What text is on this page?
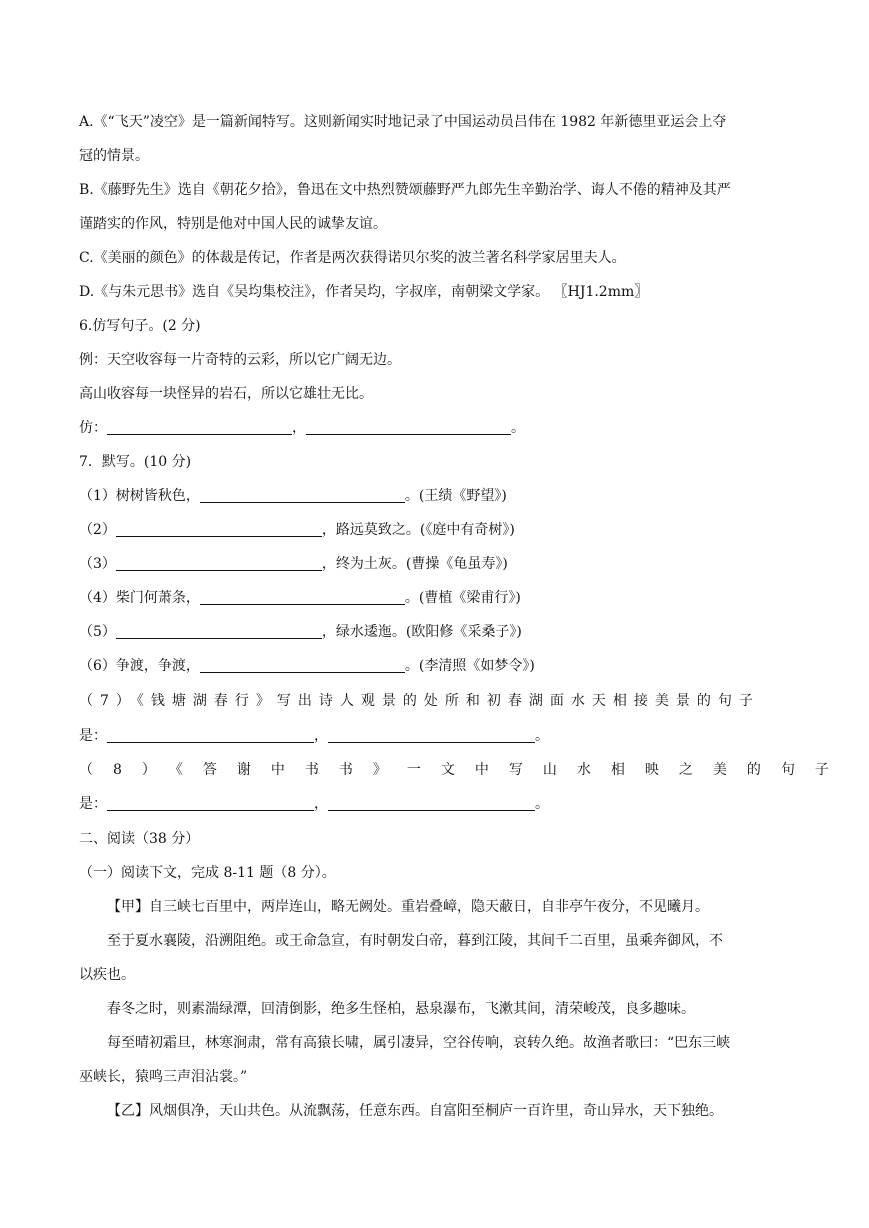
A.《“飞天”凌空》是一篇新闻特写。这则新闻实时地记录了中国运动员吕伟在 1982 年新德里亚运会上夺
冠的情景。
B.《藤野先生》选自《朝花夕拾》，鲁迅在文中热烈赞颂藤野严九郎先生辛勤治学、诲人不倦的精神及其严
谨踏实的作风，特别是他对中国人民的诚挚友谊。
C.《美丽的颜色》的体裁是传记，作者是两次获得诺贝尔奖的波兰著名科学家居里夫人。
D.《与朱元思书》选自《吴均集校注》，作者吴均，字叔庠，南朝梁文学家。 〖HJ1.2mm〗
6.仿写句子。(2 分)
例：天空收容每一片奇特的云彩，所以它广阔无边。
高山收容每一块怪异的岩石，所以它雄壮无比。
仿：	，	。
7．默写。(10 分)
（1）树树皆秋色，	。(王绩《野望》)
（2）	，路远莫致之。(《庭中有奇树》)
（3）	，终为土灰。(曹操《龟虽寿》)
（4）柴门何萧条，	。(曹植《梁甫行》)
（5）	，绿水逶迤。(欧阳修《采桑子》)
（6）争渡，争渡，	。(李清照《如梦令》)
（7）《钱塘湖春行》写出诗人观景的处所和初春湖面水天相接美景的句子
是：	，	。
（8）《答谢中书书》一文中写山水相映之美的句子
是：	，	。
二、阅读（38 分）
（一）阅读下文，完成 8-11 题（8 分）。
【甲】自三峡七百里中，两岸连山，略无阙处。重岩叠嶂，隐天蔽日，自非亭午夜分，不见曦月。
至于夏水襄陵，沿溯阻绝。或王命急宣，有时朝发白帝，暮到江陵，其间千二百里，虽乘奔御风，不
以疾也。
春冬之时，则素湍绿潭，回清倒影，绝多生怪柏，悬泉瀑布，飞漱其间，清荣峻茂，良多趣味。
每至晴初霜旦，林寒涧肃，常有高猿长啸，属引凄异，空谷传响，哀转久绝。故渔者歌曰：“巴东三峡
巫峡长，猿鸣三声泪沾裳。”
【乙】风烟俱净，天山共色。从流飘荡，任意东西。自富阳至桐庐一百许里，奇山异水，天下独绝。
